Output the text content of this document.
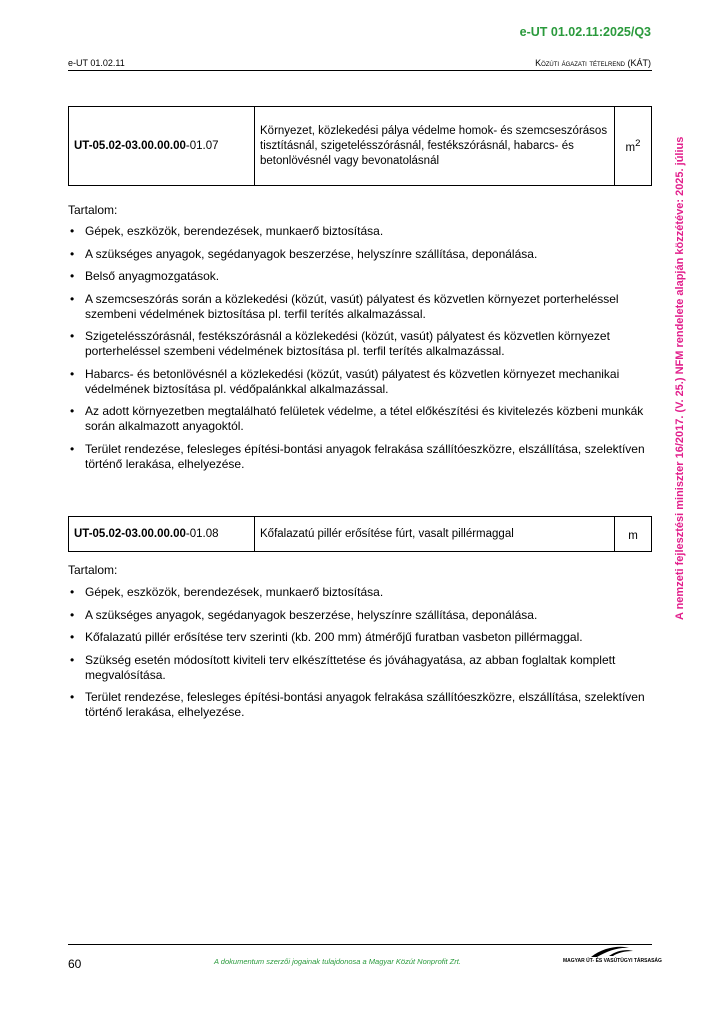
e-UT 01.02.11:2025/Q3
e-UT 01.02.11	Közúti ágazati tételrend (KÁT)
A nemzeti fejlesztési miniszter 16/2017. (V. 25.) NFM rendelete alapján közzétéve: 2025. július
UT-05.02-03.00.00.00-01.07	Környezet, közlekedési pálya védelme homok- és szemcseszórásos tisztításnál, szigetelésszórásnál, festékszórásnál, habarcs- és betonlövésnél vagy bevonatolásnál	$m^2$
Tartalom:
• Gépek, eszközök, berendezések, munkaerő biztosítása.
• A szükséges anyagok, segédanyagok beszerzése, helyszínre szállítása, deponálása.
• Belső anyagmozgatások.
• A szemcseszórás során a közlekedési (közút, vasút) pályatest és közvetlen környezet porterheléssel szembeni védelmének biztosítása pl. terfil terítés alkalmazással.
• Szigetelésszórásnál, festékszórásnál a közlekedési (közút, vasút) pályatest és közvetlen környezet porterheléssel szembeni védelmének biztosítása pl. terfil terítés alkalmazással.
• Habarcs- és betonlövésnél a közlekedési (közút, vasút) pályatest és közvetlen környezet mechanikai védelmének biztosítása pl. védőpalánkkal alkalmazással.
• Az adott környezetben megtalálható felületek védelme, a tétel előkészítési és kivitelezés közbeni munkák során alkalmazott anyagoktól.
• Terület rendezése, felesleges építési-bontási anyagok felrakása szállítóeszközre, elszállítása, szelektíven történő lerakása, elhelyezése.
UT-05.02-03.00.00.00-01.08	Kőfalazatú pillér erősítése fúrt, vasalt pillérmaggal	m
Tartalom:
• Gépek, eszközök, berendezések, munkaerő biztosítása.
• A szükséges anyagok, segédanyagok beszerzése, helyszínre szállítása, deponálása.
• Kőfalazatú pillér erősítése terv szerinti (kb. 200 mm) átmérőjű furatban vasbeton pillérmaggal.
• Szükség esetén módosított kiviteli terv elkészíttetése és jóváhagyatása, az abban foglaltak komplett megvalósítása.
• Terület rendezése, felesleges építési-bontási anyagok felrakása szállítóeszközre, elszállítása, szelektíven történő lerakása, elhelyezése.
60	A dokumentum szerzői jogainak tulajdonosa a Magyar Közút Nonprofit Zrt.	MAGYAR ÚT- ÉS VASÚTÜGYI TÁRSASÁG
